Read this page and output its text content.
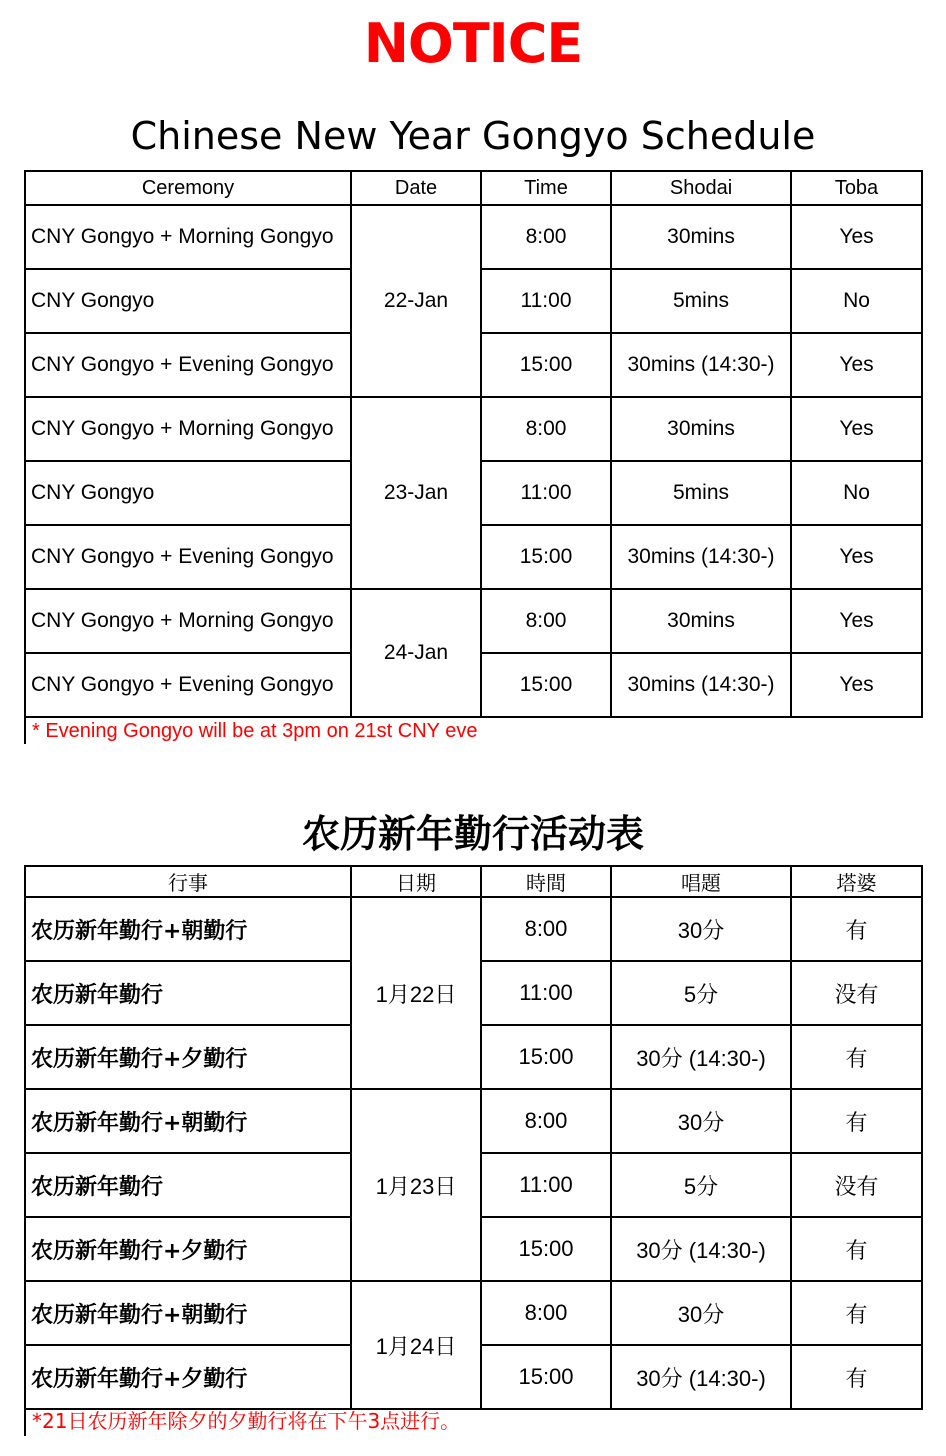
NOTICE
Chinese New Year Gongyo Schedule
Ceremony	Date	Time	Shodai	Toba
CNY Gongyo + Morning Gongyo	22-Jan	8:00	30mins	Yes
CNY Gongyo		11:00	5mins	No
CNY Gongyo + Evening Gongyo		15:00	30mins (14:30-)	Yes
CNY Gongyo + Morning Gongyo	23-Jan	8:00	30mins	Yes
CNY Gongyo		11:00	5mins	No
CNY Gongyo + Evening Gongyo		15:00	30mins (14:30-)	Yes
CNY Gongyo + Morning Gongyo	24-Jan	8:00	30mins	Yes
CNY Gongyo + Evening Gongyo		15:00	30mins (14:30-)	Yes
* Evening Gongyo will be at 3pm on 21st CNY eve
农历新年勤行活动表
行事	日期	時間	唱題	塔婆
农历新年勤行+朝勤行	1月22日	8:00	30分	有
农历新年勤行		11:00	5分	没有
农历新年勤行+夕勤行		15:00	30分 (14:30-)	有
农历新年勤行+朝勤行	1月23日	8:00	30分	有
农历新年勤行		11:00	5分	没有
农历新年勤行+夕勤行		15:00	30分 (14:30-)	有
农历新年勤行+朝勤行	1月24日	8:00	30分	有
农历新年勤行+夕勤行		15:00	30分 (14:30-)	有
*21日农历新年除夕的夕勤行将在下午3点进行。
